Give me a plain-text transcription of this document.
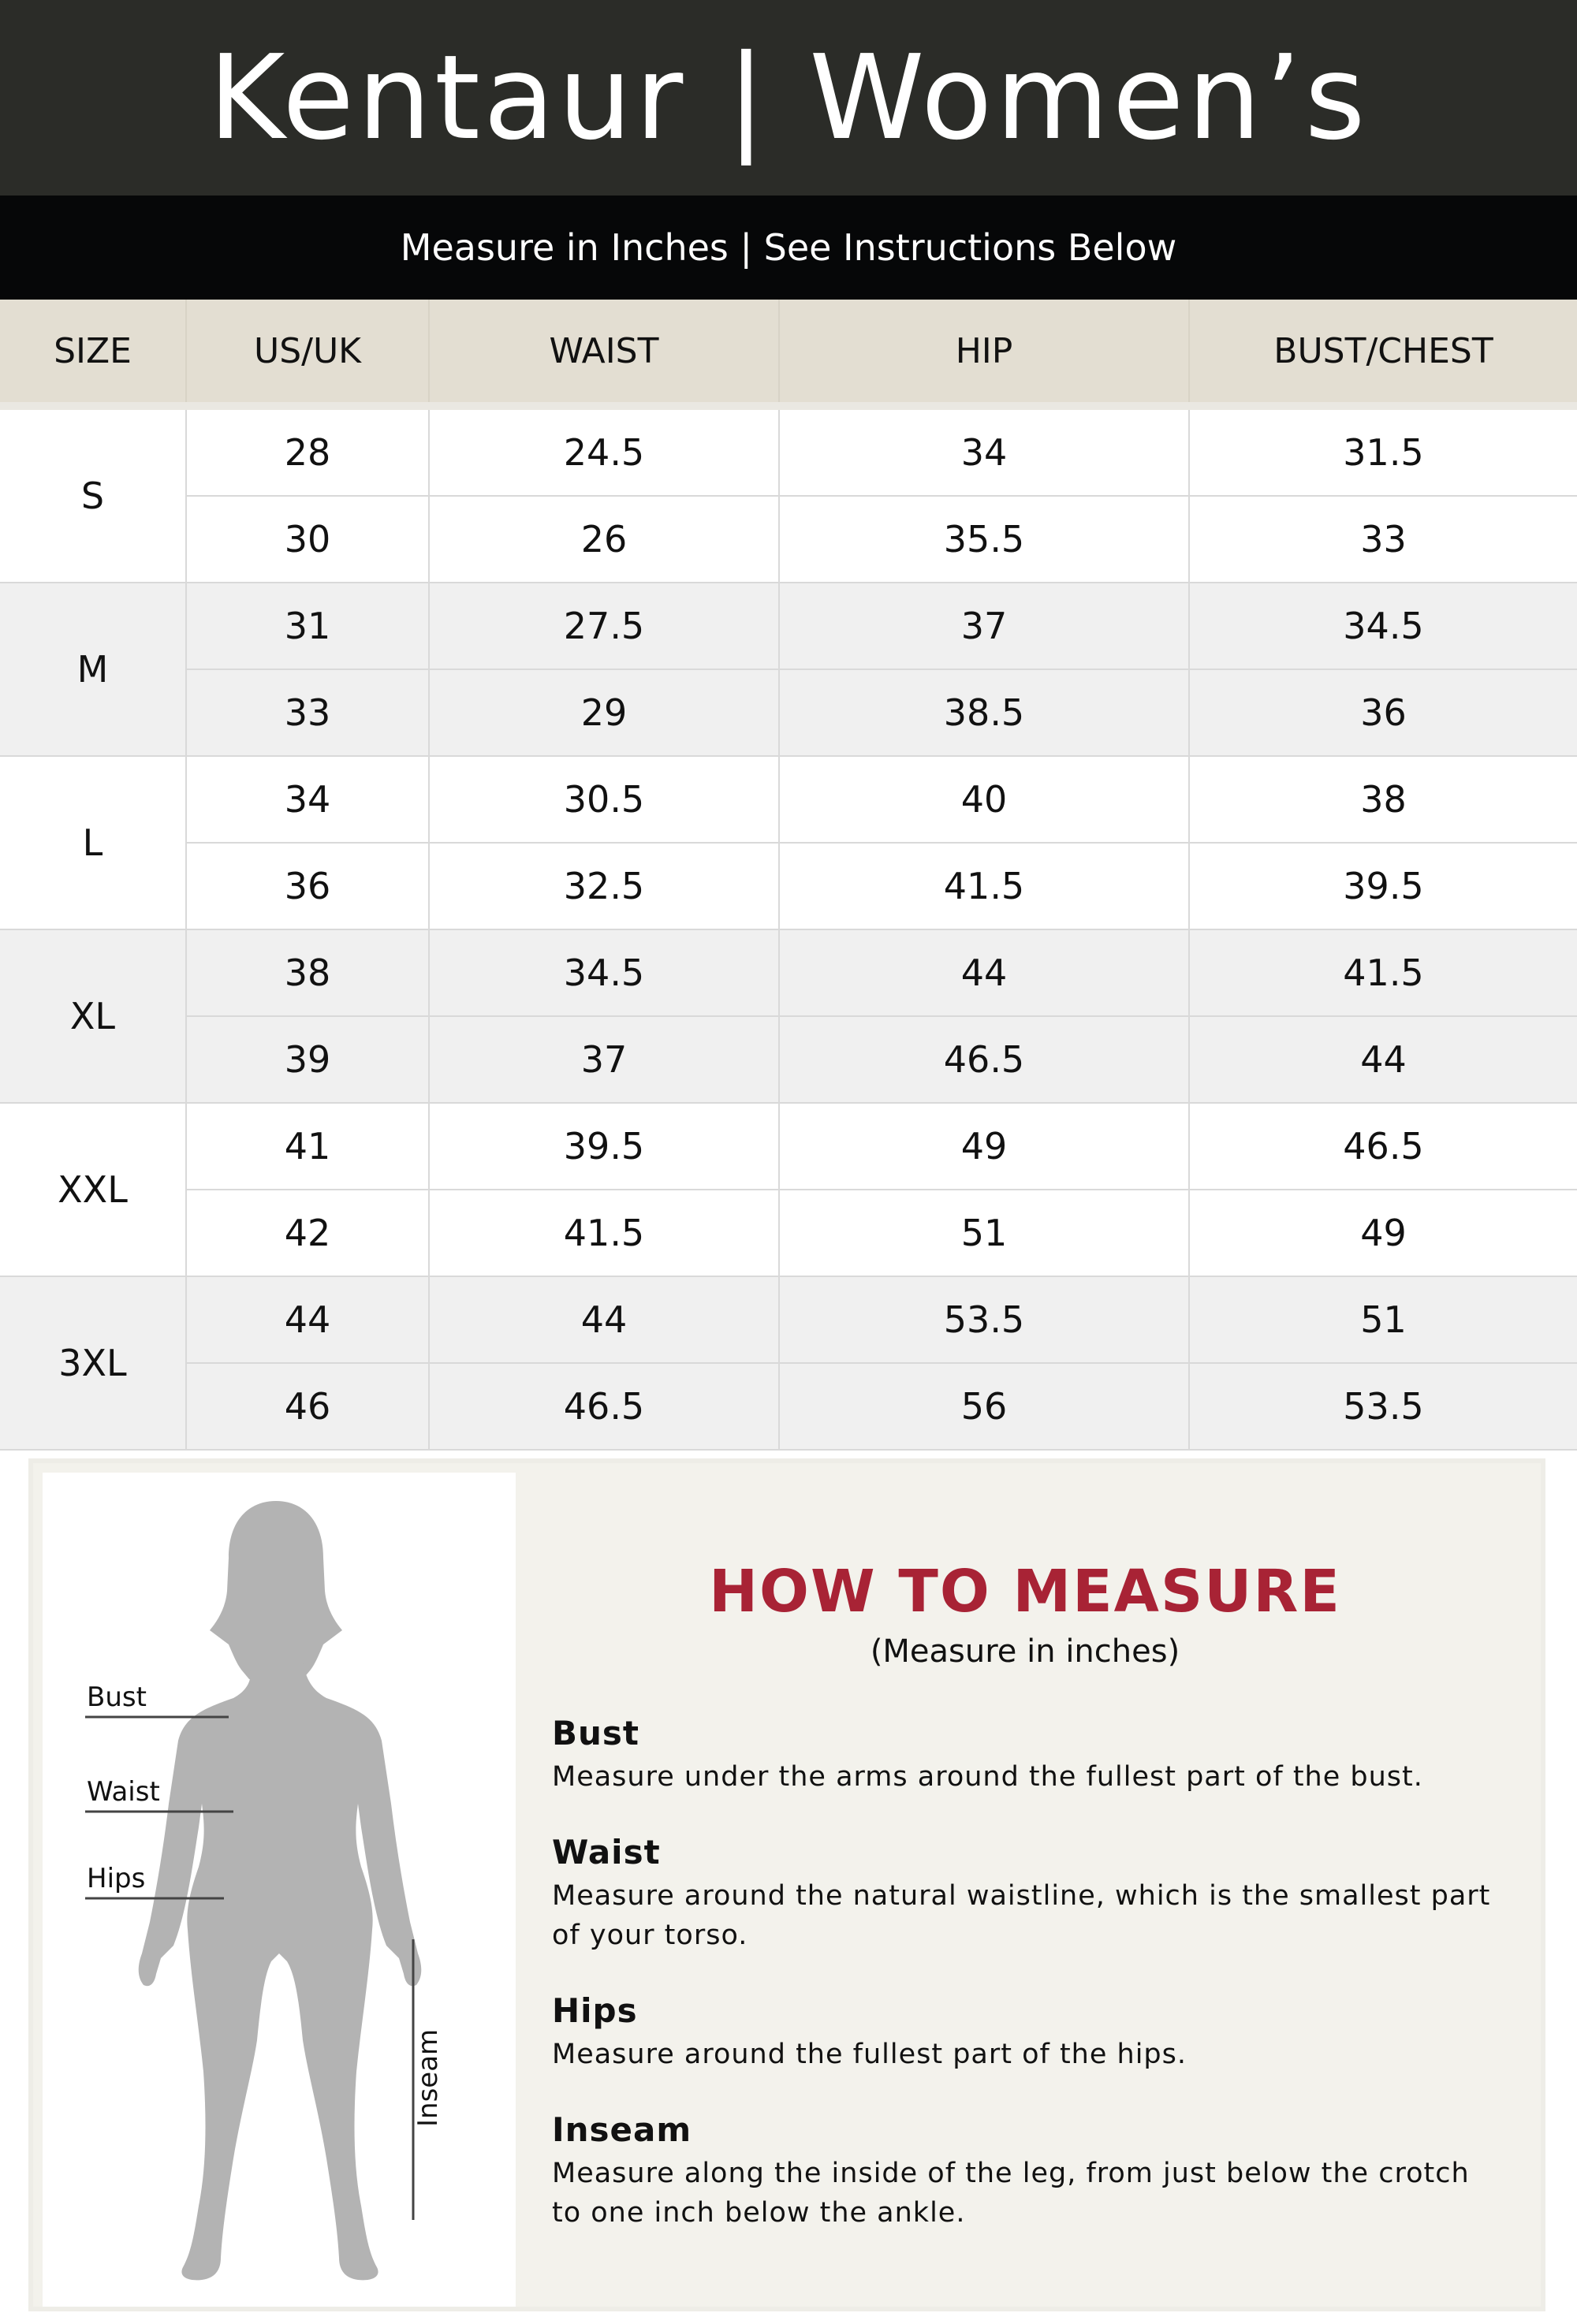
Kentaur | Women’s
Measure in Inches | See Instructions Below
SIZE	US/UK	WAIST	HIP	BUST/CHEST
S	28	24.5	34	31.5
	30	26	35.5	33
M	31	27.5	37	34.5
	33	29	38.5	36
L	34	30.5	40	38
	36	32.5	41.5	39.5
XL	38	34.5	44	41.5
	39	37	46.5	44
XXL	41	39.5	49	46.5
	42	41.5	51	49
3XL	44	44	53.5	51
	46	46.5	56	53.5
Bust
Waist
Hips
Inseam
HOW TO MEASURE

(Measure in inches)

Bust

Measure under the arms around the fullest part of the bust.

Waist

Measure around the natural waistline, which is the smallest part of your torso.

Hips

Measure around the fullest part of the hips.

Inseam

Measure along the inside of the leg, from just below the crotch to one inch below the ankle.
